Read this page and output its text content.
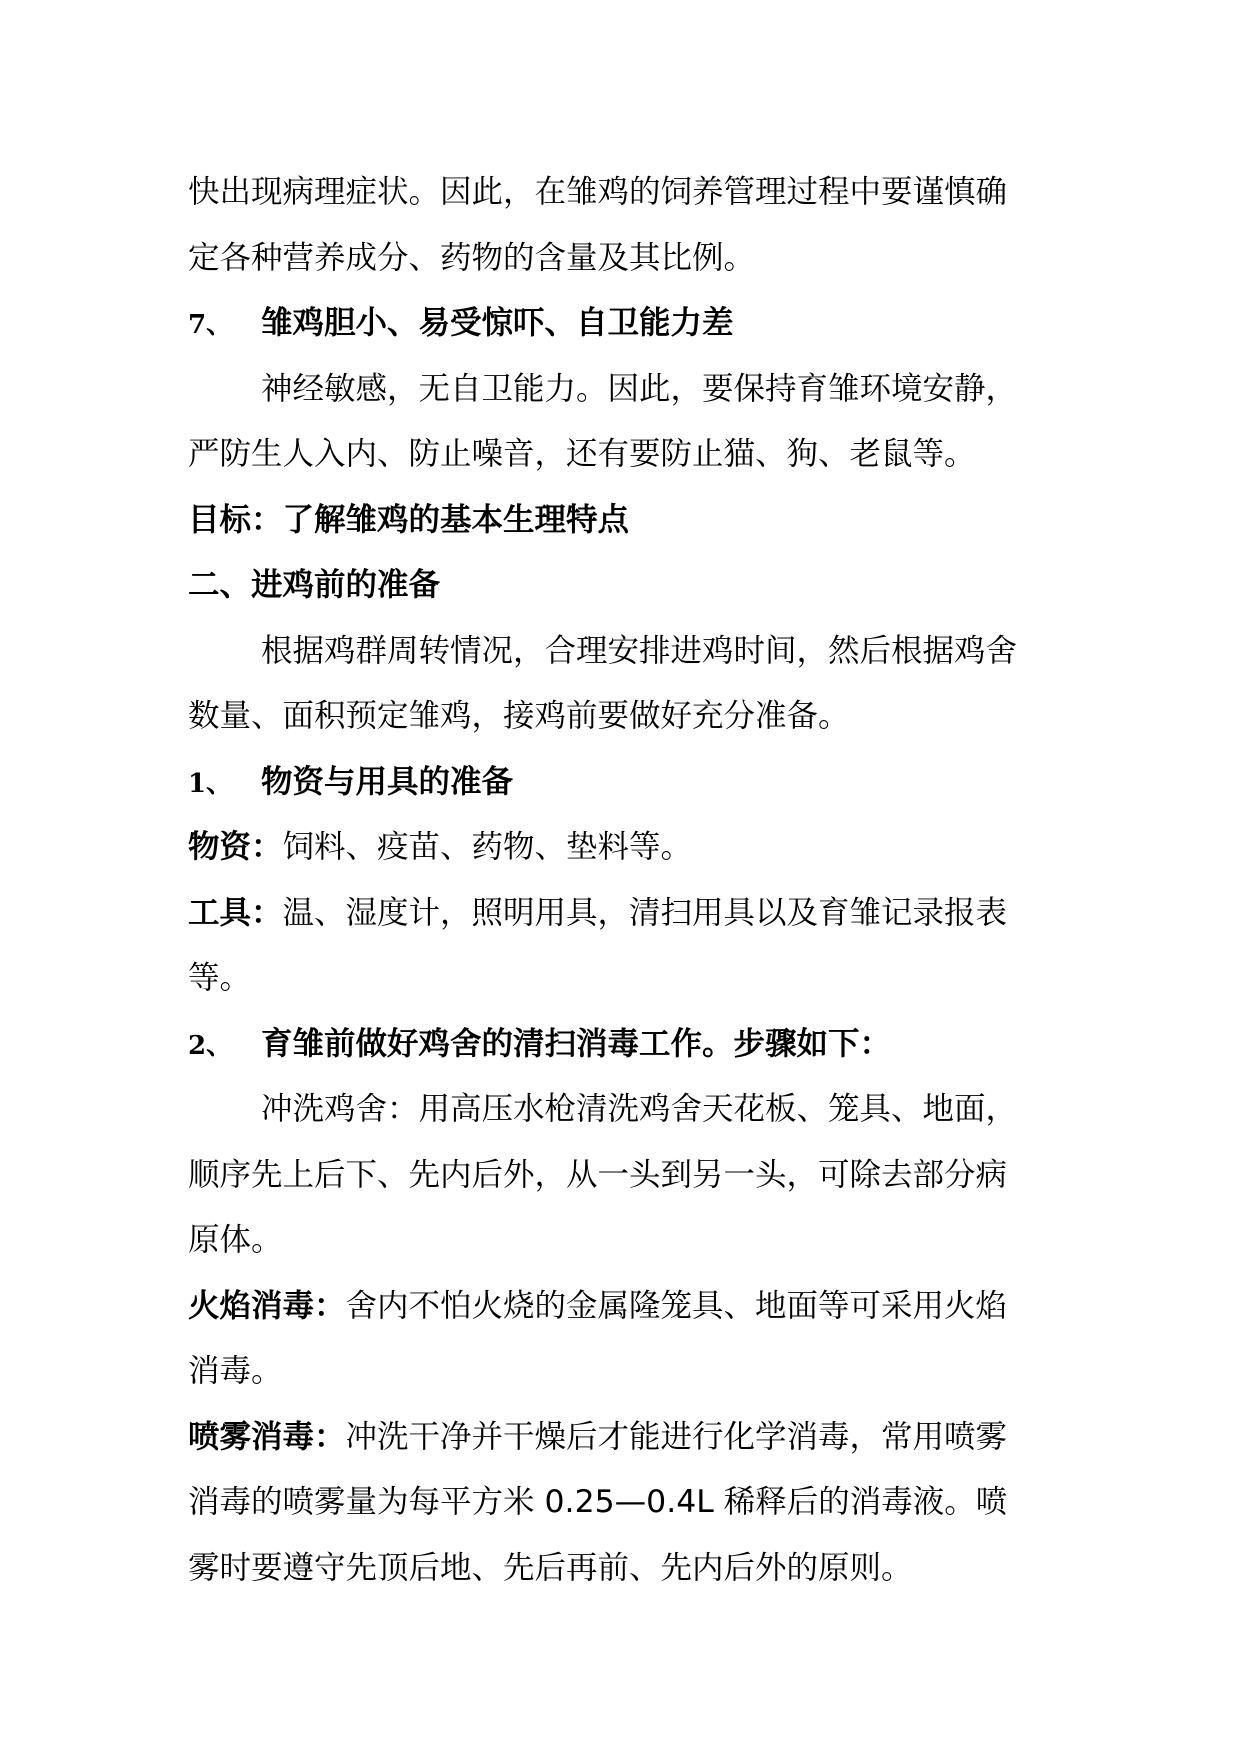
快出现病理症状。因此，在雏鸡的饲养管理过程中要谨慎确
定各种营养成分、药物的含量及其比例。
7、 雏鸡胆小、易受惊吓、自卫能力差
神经敏感，无自卫能力。因此，要保持育雏环境安静，
严防生人入内、防止噪音，还有要防止猫、狗、老鼠等。
目标：了解雏鸡的基本生理特点
二、进鸡前的准备
根据鸡群周转情况，合理安排进鸡时间，然后根据鸡舍
数量、面积预定雏鸡，接鸡前要做好充分准备。
1、 物资与用具的准备
物资：饲料、疫苗、药物、垫料等。
工具：温、湿度计，照明用具，清扫用具以及育雏记录报表
等。
2、 育雏前做好鸡舍的清扫消毒工作。步骤如下：
冲洗鸡舍：用高压水枪清洗鸡舍天花板、笼具、地面，
顺序先上后下、先内后外，从一头到另一头，可除去部分病
原体。
火焰消毒：舍内不怕火烧的金属隆笼具、地面等可采用火焰
消毒。
喷雾消毒：冲洗干净并干燥后才能进行化学消毒，常用喷雾
消毒的喷雾量为每平方米 0.25—0.4L 稀释后的消毒液。喷
雾时要遵守先顶后地、先后再前、先内后外的原则。
